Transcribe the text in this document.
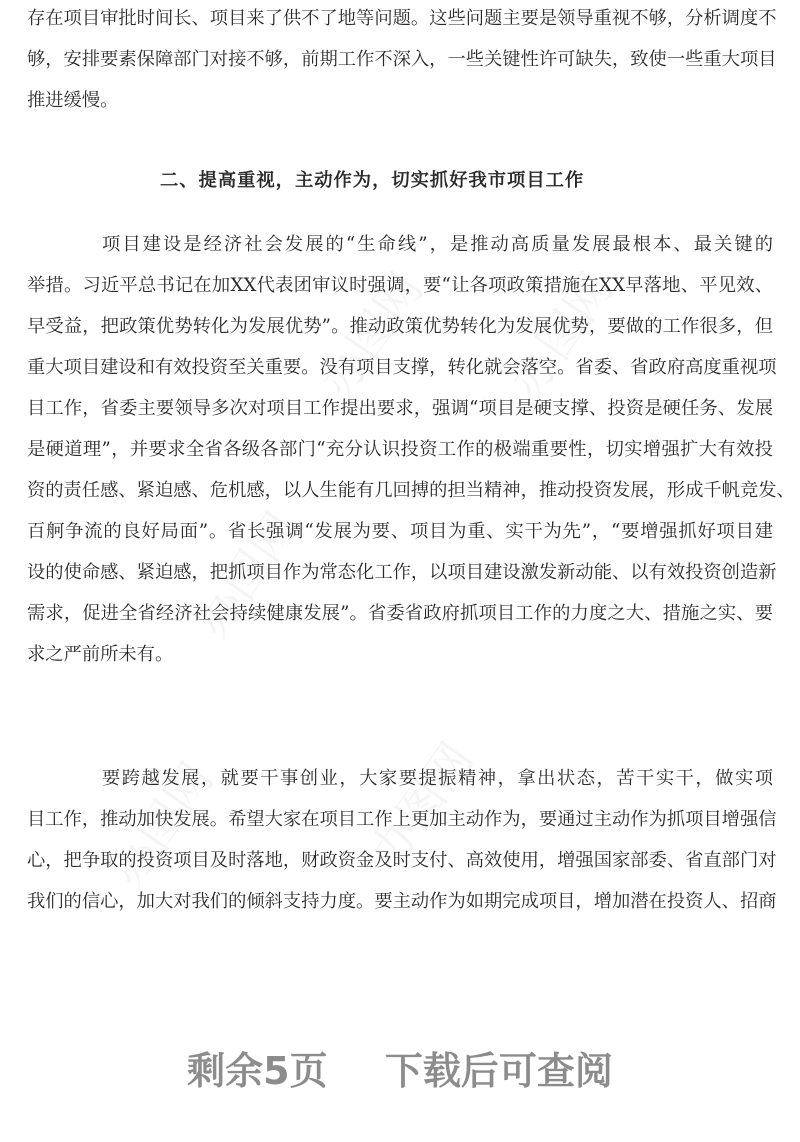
存在项目审批时间长、项目来了供不了地等问题。这些问题主要是领导重视不够，分析调度不
够，安排要素保障部门对接不够，前期工作不深入，一些关键性许可缺失，致使一些重大项目
推进缓慢。
二、提高重视，主动作为，切实抓好我市项目工作
项目建设是经济社会发展的“生命线”，是推动高质量发展最根本、最关键的
举措。习近平总书记在加XX代表团审议时强调，要“让各项政策措施在XX早落地、平见效、
早受益，把政策优势转化为发展优势”。推动政策优势转化为发展优势，要做的工作很多，但
重大项目建设和有效投资至关重要。没有项目支撑，转化就会落空。省委、省政府高度重视项
目工作，省委主要领导多次对项目工作提出要求，强调“项目是硬支撑、投资是硬任务、发展
是硬道理”，并要求全省各级各部门“充分认识投资工作的极端重要性，切实增强扩大有效投
资的责任感、紧迫感、危机感，以人生能有几回搏的担当精神，推动投资发展，形成千帆竞发、
百舸争流的良好局面”。省长强调“发展为要、项目为重、实干为先”，“要增强抓好项目建
设的使命感、紧迫感，把抓项目作为常态化工作，以项目建设激发新动能、以有效投资创造新
需求，促进全省经济社会持续健康发展”。省委省政府抓项目工作的力度之大、措施之实、要
求之严前所未有。
要跨越发展，就要干事创业，大家要提振精神，拿出状态，苦干实干，做实项
目工作，推动加快发展。希望大家在项目工作上更加主动作为，要通过主动作为抓项目增强信
心，把争取的投资项目及时落地，财政资金及时支付、高效使用，增强国家部委、省直部门对
我们的信心，加大对我们的倾斜支持力度。要主动作为如期完成项目，增加潜在投资人、招商
剩余5页 下载后可查阅
